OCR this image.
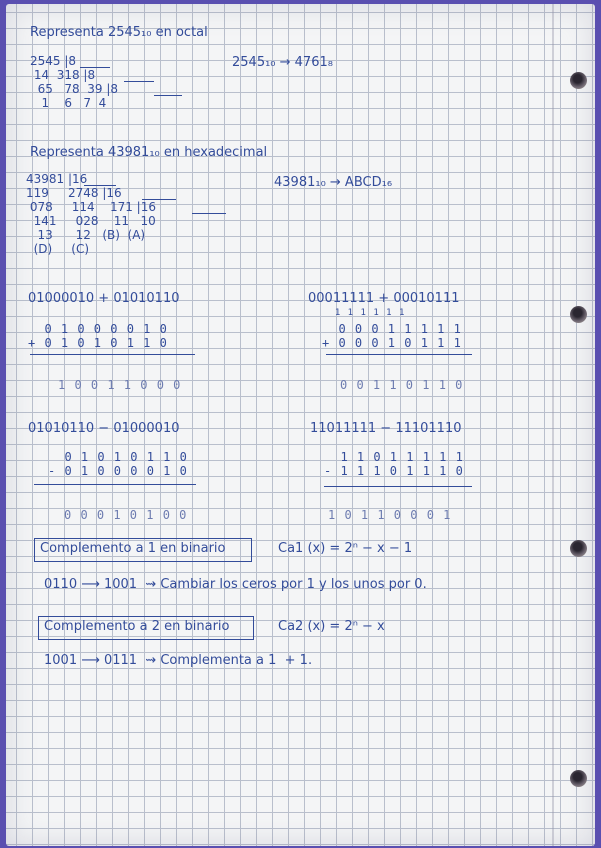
Representa 2545₁₀ en octal
2545 |8
14  318 |8
65   78  39 |8
1    6   7  4
2545₁₀ → 4761₈
Representa 43981₁₀ en hexadecimal
43981 |16
119     2748 |16
078     114    171 |16
141     028    11   10
13      12   (B)  (A)
(D)     (C)
43981₁₀ → ABCD₁₆
01000010 + 01010110
0 1 0 0 0 0 1 0
+ 0 1 0 1 0 1 1 0
1 0 0 1 1 0 0 0
00011111 + 00010111
1 1 1 1 1 1
0 0 0 1 1 1 1 1
+ 0 0 0 1 0 1 1 1
0 0 1 1 0 1 1 0
01010110 − 01000010
0 1 0 1 0 1 1 0
- 0 1 0 0 0 0 1 0
0 0 0 1 0 1 0 0
11011111 − 11101110
1 1 0 1 1 1 1 1
- 1 1 1 0 1 1 1 0
1 0 1 1 0 0 0 1
Complemento a 1 en binario	Ca1 (x) = 2ⁿ − x − 1
0110 ⟶ 1001  ⇝ Cambiar los ceros por 1 y los unos por 0.
Complemento a 2 en binario	Ca2 (x) = 2ⁿ − x
1001 ⟶ 0111  ⇝ Complementa a 1  + 1.
